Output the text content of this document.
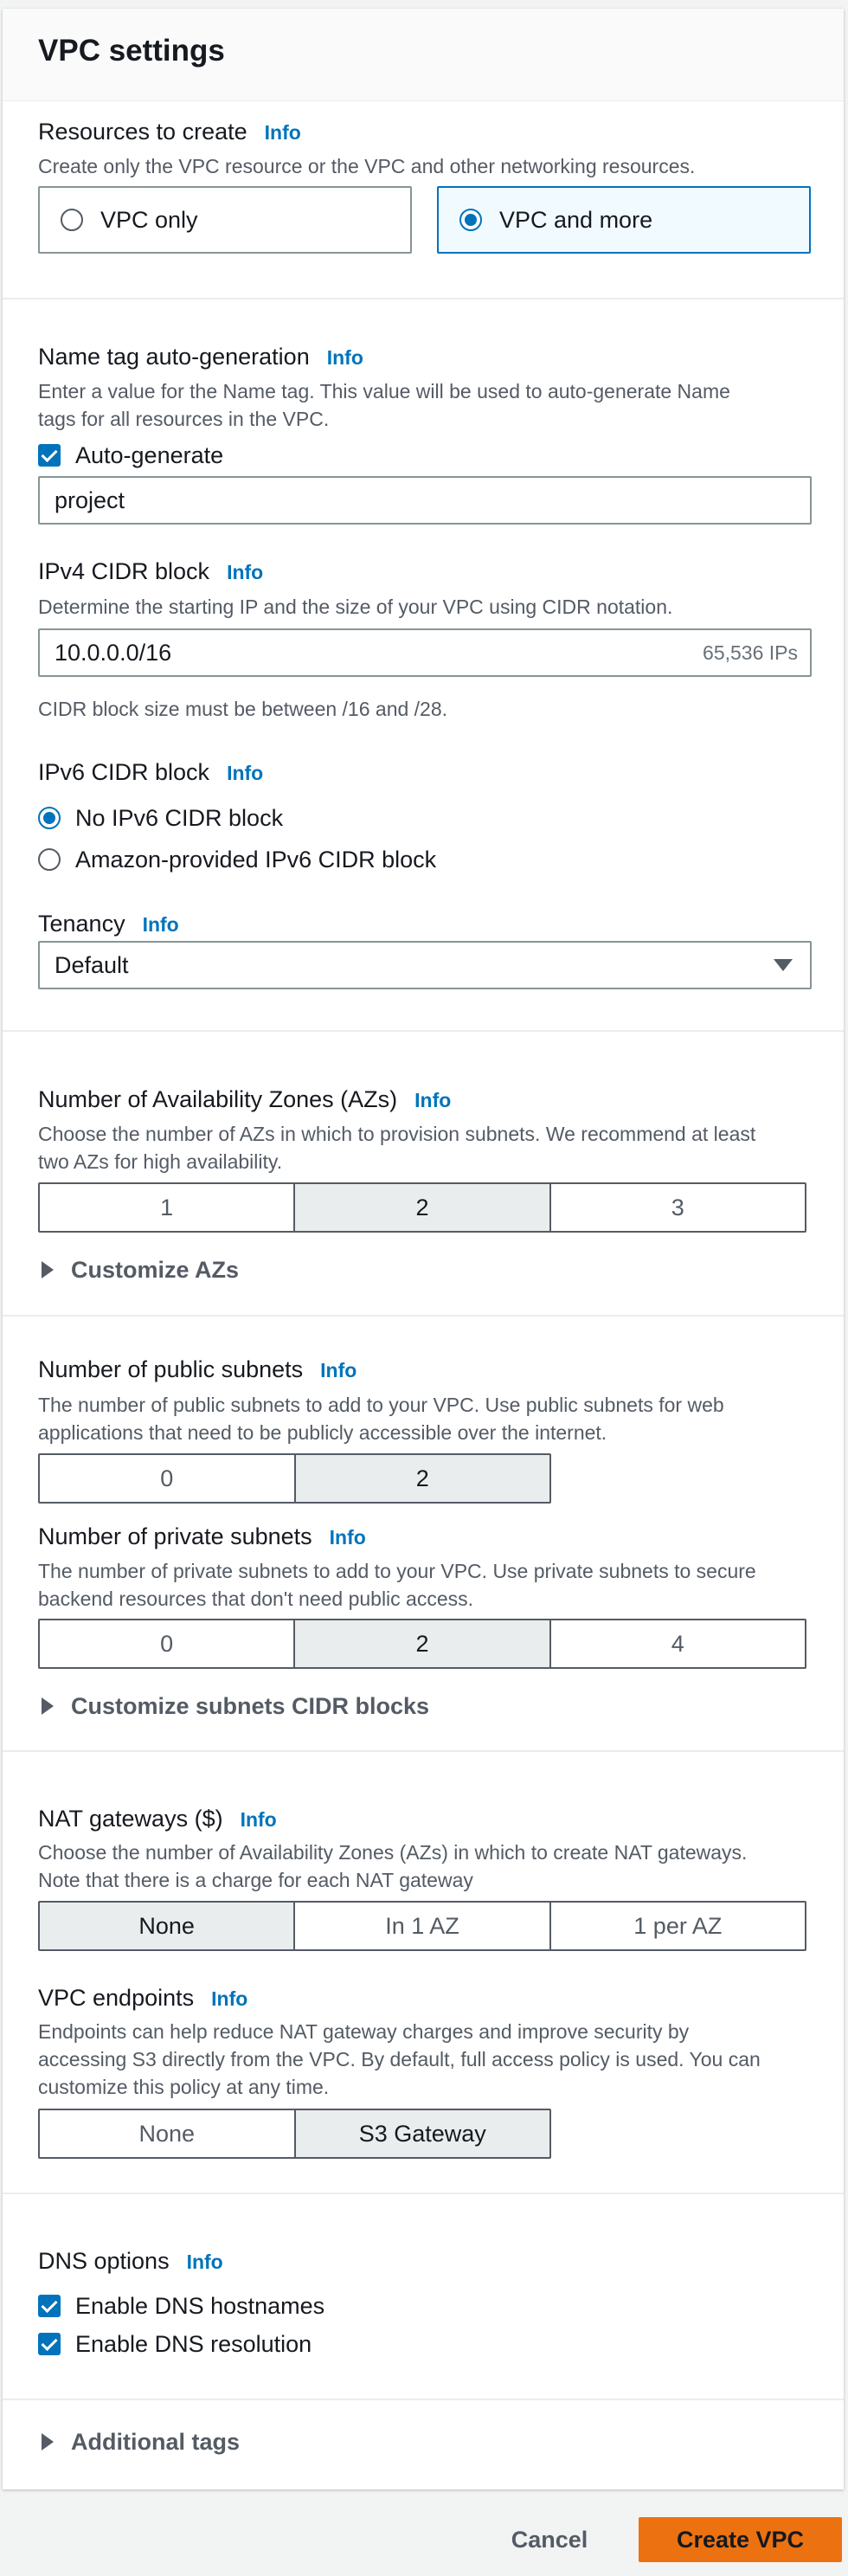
VPC settings
Resources to create Info
Create only the VPC resource or the VPC and other networking resources.
VPC only	VPC and more
Name tag auto-generation Info
Enter a value for the Name tag. This value will be used to auto-generate Name
tags for all resources in the VPC.
Auto-generate
project
IPv4 CIDR block Info
Determine the starting IP and the size of your VPC using CIDR notation.
10.0.0.0/16	65,536 IPs
CIDR block size must be between /16 and /28.
IPv6 CIDR block Info
No IPv6 CIDR block
Amazon-provided IPv6 CIDR block
Tenancy Info
Default
Number of Availability Zones (AZs) Info
Choose the number of AZs in which to provision subnets. We recommend at least
two AZs for high availability.
1	2	3
Customize AZs
Number of public subnets Info
The number of public subnets to add to your VPC. Use public subnets for web
applications that need to be publicly accessible over the internet.
0	2
Number of private subnets Info
The number of private subnets to add to your VPC. Use private subnets to secure
backend resources that don't need public access.
0	2	4
Customize subnets CIDR blocks
NAT gateways ($) Info
Choose the number of Availability Zones (AZs) in which to create NAT gateways.
Note that there is a charge for each NAT gateway
None	In 1 AZ	1 per AZ
VPC endpoints Info
Endpoints can help reduce NAT gateway charges and improve security by
accessing S3 directly from the VPC. By default, full access policy is used. You can
customize this policy at any time.
None	S3 Gateway
DNS options Info
Enable DNS hostnames
Enable DNS resolution
Additional tags
Cancel	Create VPC
